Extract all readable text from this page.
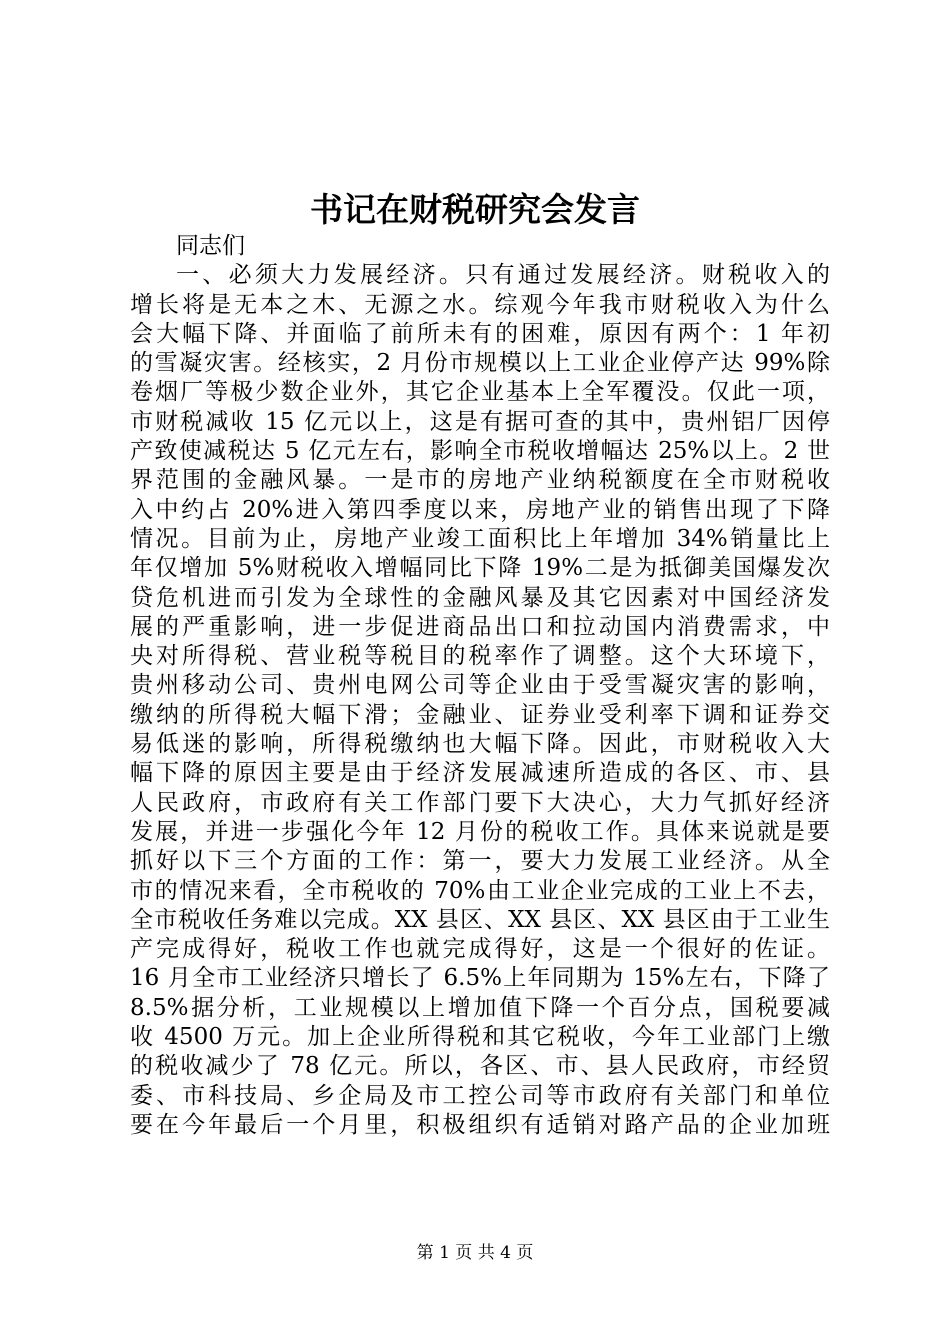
书记在财税研究会发言
同志们
一、必须大力发展经济。只有通过发展经济。财税收入的
增长将是无本之木、无源之水。综观今年我市财税收入为什么
会大幅下降、并面临了前所未有的困难，原因有两个：1 年初
的雪凝灾害。经核实，2 月份市规模以上工业企业停产达 99%除
卷烟厂等极少数企业外，其它企业基本上全军覆没。仅此一项，
市财税减收 15 亿元以上，这是有据可查的其中，贵州铝厂因停
产致使减税达 5 亿元左右，影响全市税收增幅达 25%以上。2 世
界范围的金融风暴。一是市的房地产业纳税额度在全市财税收
入中约占 20%进入第四季度以来，房地产业的销售出现了下降
情况。目前为止，房地产业竣工面积比上年增加 34%销量比上
年仅增加 5%财税收入增幅同比下降 19%二是为抵御美国爆发次
贷危机进而引发为全球性的金融风暴及其它因素对中国经济发
展的严重影响，进一步促进商品出口和拉动国内消费需求，中
央对所得税、营业税等税目的税率作了调整。这个大环境下，
贵州移动公司、贵州电网公司等企业由于受雪凝灾害的影响，
缴纳的所得税大幅下滑；金融业、证券业受利率下调和证券交
易低迷的影响，所得税缴纳也大幅下降。因此，市财税收入大
幅下降的原因主要是由于经济发展减速所造成的各区、市、县
人民政府，市政府有关工作部门要下大决心，大力气抓好经济
发展，并进一步强化今年 12 月份的税收工作。具体来说就是要
抓好以下三个方面的工作：第一，要大力发展工业经济。从全
市的情况来看，全市税收的 70%由工业企业完成的工业上不去，
全市税收任务难以完成。XX 县区、XX 县区、XX 县区由于工业生
产完成得好，税收工作也就完成得好，这是一个很好的佐证。
16 月全市工业经济只增长了 6.5%上年同期为 15%左右，下降了
8.5%据分析，工业规模以上增加值下降一个百分点，国税要减
收 4500 万元。加上企业所得税和其它税收，今年工业部门上缴
的税收减少了 78 亿元。所以，各区、市、县人民政府，市经贸
委、市科技局、乡企局及市工控公司等市政府有关部门和单位
要在今年最后一个月里，积极组织有适销对路产品的企业加班
第 1 页 共 4 页
